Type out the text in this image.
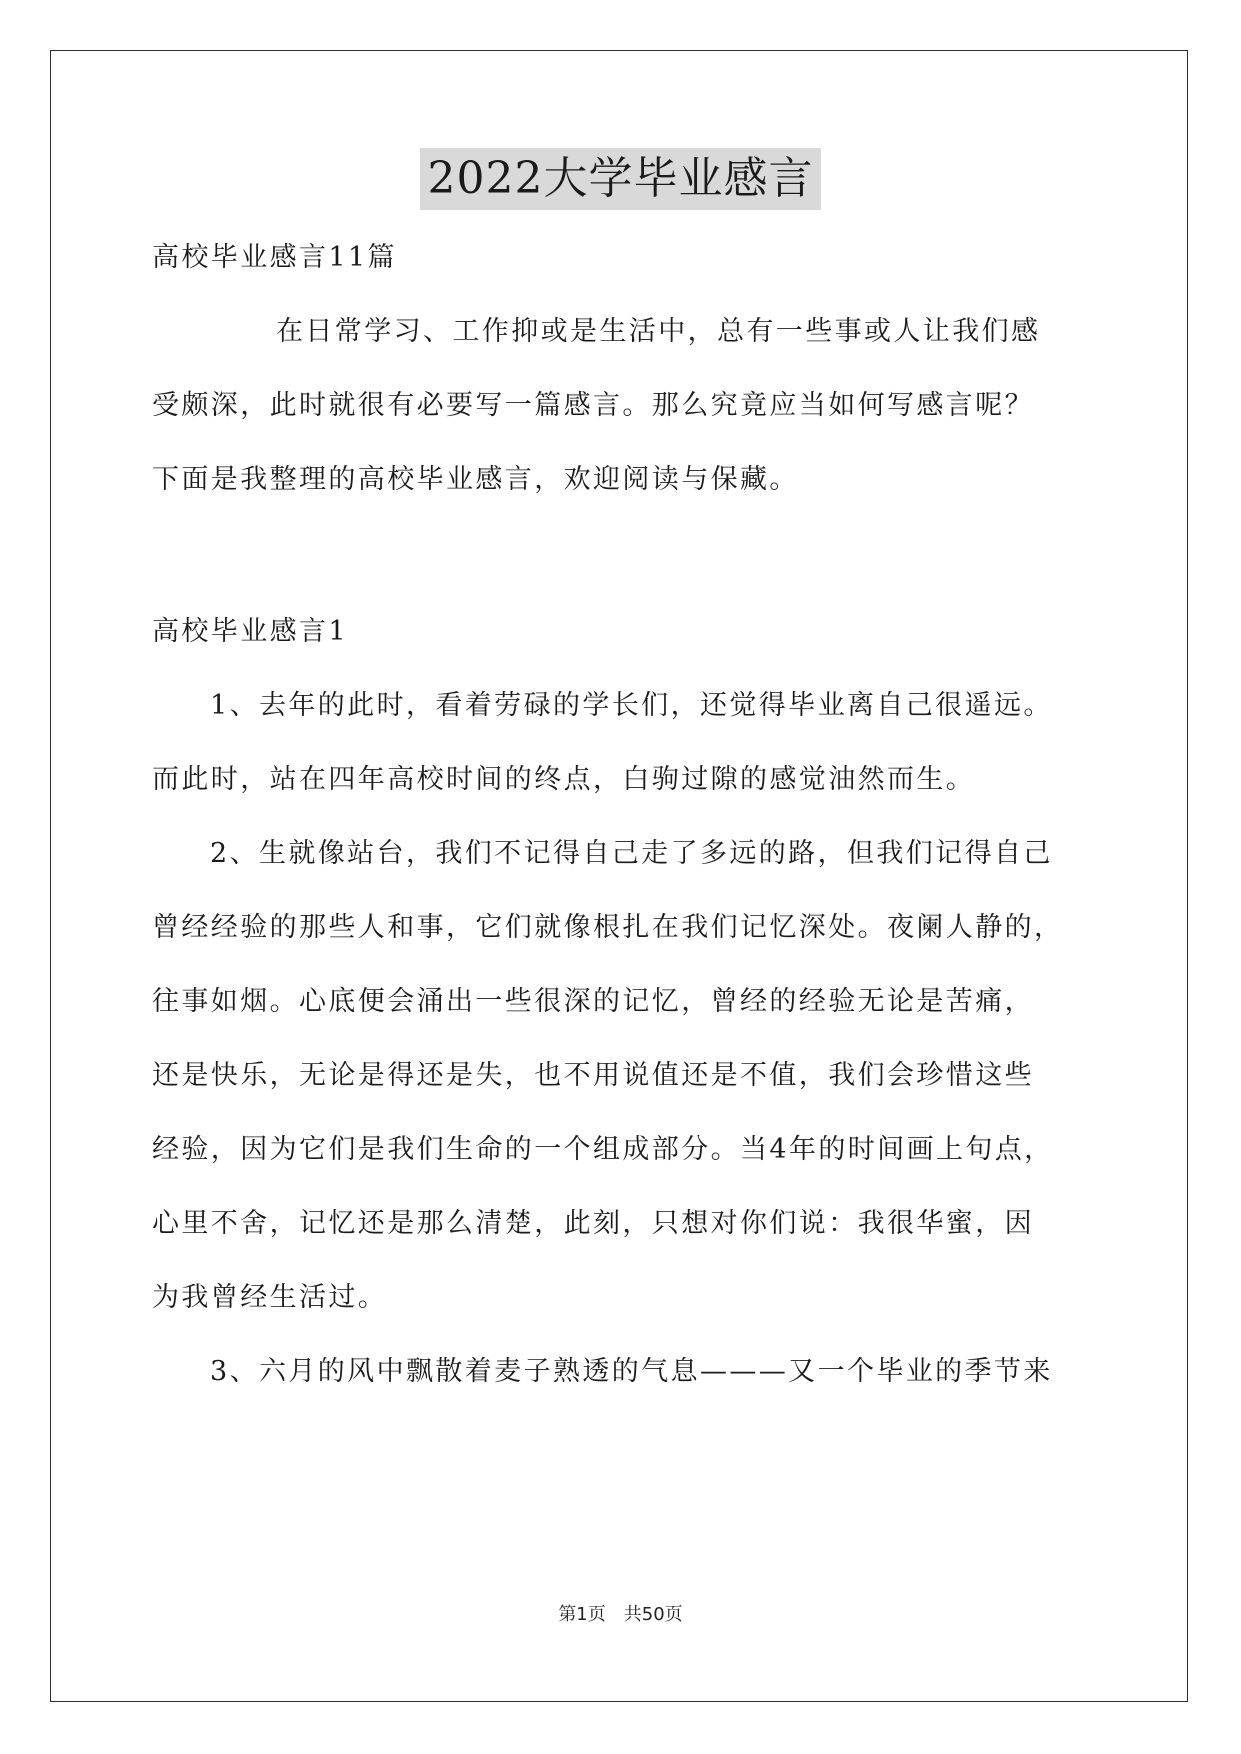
2022大学毕业感言

高校毕业感言11篇

在日常学习、工作抑或是生活中，总有一些事或人让我们感

受颇深，此时就很有必要写一篇感言。那么究竟应当如何写感言呢？

下面是我整理的高校毕业感言，欢迎阅读与保藏。

高校毕业感言1

1、去年的此时，看着劳碌的学长们，还觉得毕业离自己很遥远。

而此时，站在四年高校时间的终点，白驹过隙的感觉油然而生。

2、生就像站台，我们不记得自己走了多远的路，但我们记得自己

曾经经验的那些人和事，它们就像根扎在我们记忆深处。夜阑人静的，

往事如烟。心底便会涌出一些很深的记忆，曾经的经验无论是苦痛，

还是快乐，无论是得还是失，也不用说值还是不值，我们会珍惜这些

经验，因为它们是我们生命的一个组成部分。当4年的时间画上句点，

心里不舍，记忆还是那么清楚，此刻，只想对你们说：我很华蜜，因

为我曾经生活过。

3、六月的风中飘散着麦子熟透的气息———又一个毕业的季节来

第1页 共50页
